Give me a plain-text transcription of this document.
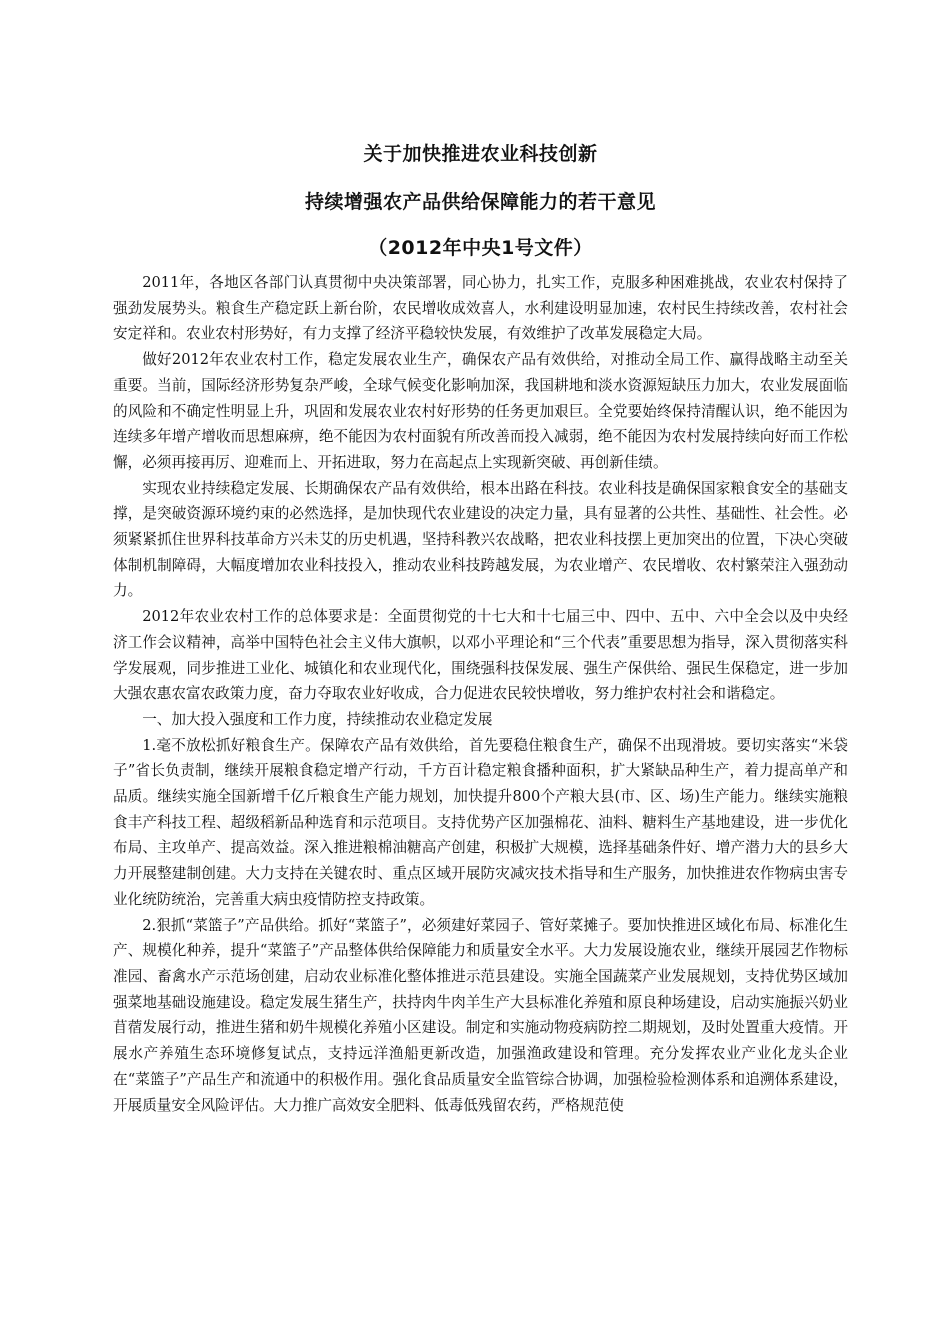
关于加快推进农业科技创新
持续增强农产品供给保障能力的若干意见
（2012年中央1号文件）

2011年，各地区各部门认真贯彻中央决策部署，同心协力，扎实工作，克服多种困难挑战，农业农村保持了强劲发展势头。粮食生产稳定跃上新台阶，农民增收成效喜人，水利建设明显加速，农村民生持续改善，农村社会安定祥和。农业农村形势好，有力支撑了经济平稳较快发展，有效维护了改革发展稳定大局。

做好2012年农业农村工作，稳定发展农业生产，确保农产品有效供给，对推动全局工作、赢得战略主动至关重要。当前，国际经济形势复杂严峻，全球气候变化影响加深，我国耕地和淡水资源短缺压力加大，农业发展面临的风险和不确定性明显上升，巩固和发展农业农村好形势的任务更加艰巨。全党要始终保持清醒认识，绝不能因为连续多年增产增收而思想麻痹，绝不能因为农村面貌有所改善而投入减弱，绝不能因为农村发展持续向好而工作松懈，必须再接再厉、迎难而上、开拓进取，努力在高起点上实现新突破、再创新佳绩。

实现农业持续稳定发展、长期确保农产品有效供给，根本出路在科技。农业科技是确保国家粮食安全的基础支撑，是突破资源环境约束的必然选择，是加快现代农业建设的决定力量，具有显著的公共性、基础性、社会性。必须紧紧抓住世界科技革命方兴未艾的历史机遇，坚持科教兴农战略，把农业科技摆上更加突出的位置，下决心突破体制机制障碍，大幅度增加农业科技投入，推动农业科技跨越发展，为农业增产、农民增收、农村繁荣注入强劲动力。

2012年农业农村工作的总体要求是：全面贯彻党的十七大和十七届三中、四中、五中、六中全会以及中央经济工作会议精神，高举中国特色社会主义伟大旗帜，以邓小平理论和“三个代表”重要思想为指导，深入贯彻落实科学发展观，同步推进工业化、城镇化和农业现代化，围绕强科技保发展、强生产保供给、强民生保稳定，进一步加大强农惠农富农政策力度，奋力夺取农业好收成，合力促进农民较快增收，努力维护农村社会和谐稳定。

一、加大投入强度和工作力度，持续推动农业稳定发展

1.毫不放松抓好粮食生产。保障农产品有效供给，首先要稳住粮食生产，确保不出现滑坡。要切实落实“米袋子”省长负责制，继续开展粮食稳定增产行动，千方百计稳定粮食播种面积，扩大紧缺品种生产，着力提高单产和品质。继续实施全国新增千亿斤粮食生产能力规划，加快提升800个产粮大县(市、区、场)生产能力。继续实施粮食丰产科技工程、超级稻新品种选育和示范项目。支持优势产区加强棉花、油料、糖料生产基地建设，进一步优化布局、主攻单产、提高效益。深入推进粮棉油糖高产创建，积极扩大规模，选择基础条件好、增产潜力大的县乡大力开展整建制创建。大力支持在关键农时、重点区域开展防灾减灾技术指导和生产服务，加快推进农作物病虫害专业化统防统治，完善重大病虫疫情防控支持政策。

2.狠抓“菜篮子”产品供给。抓好“菜篮子”，必须建好菜园子、管好菜摊子。要加快推进区域化布局、标准化生产、规模化种养，提升“菜篮子”产品整体供给保障能力和质量安全水平。大力发展设施农业，继续开展园艺作物标准园、畜禽水产示范场创建，启动农业标准化整体推进示范县建设。实施全国蔬菜产业发展规划，支持优势区域加强菜地基础设施建设。稳定发展生猪生产，扶持肉牛肉羊生产大县标准化养殖和原良种场建设，启动实施振兴奶业苜蓿发展行动，推进生猪和奶牛规模化养殖小区建设。制定和实施动物疫病防控二期规划，及时处置重大疫情。开展水产养殖生态环境修复试点，支持远洋渔船更新改造，加强渔政建设和管理。充分发挥农业产业化龙头企业在“菜篮子”产品生产和流通中的积极作用。强化食品质量安全监管综合协调，加强检验检测体系和追溯体系建设，开展质量安全风险评估。大力推广高效安全肥料、低毒低残留农药，严格规范使
